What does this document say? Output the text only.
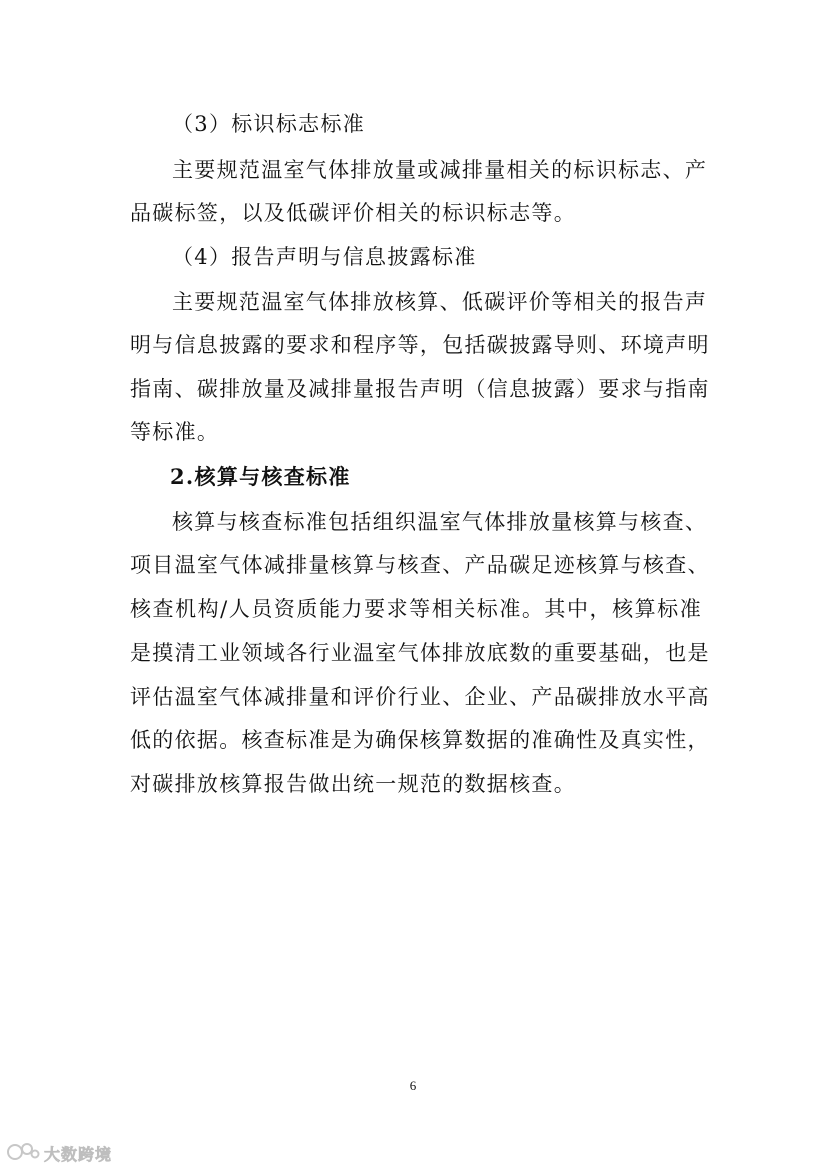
（3）标识标志标准
主要规范温室气体排放量或减排量相关的标识标志、产
品碳标签，以及低碳评价相关的标识标志等。
（4）报告声明与信息披露标准
主要规范温室气体排放核算、低碳评价等相关的报告声
明与信息披露的要求和程序等，包括碳披露导则、环境声明
指南、碳排放量及减排量报告声明（信息披露）要求与指南
等标准。
2.核算与核查标准
核算与核查标准包括组织温室气体排放量核算与核查、
项目温室气体减排量核算与核查、产品碳足迹核算与核查、
核查机构/人员资质能力要求等相关标准。其中，核算标准
是摸清工业领域各行业温室气体排放底数的重要基础，也是
评估温室气体减排量和评价行业、企业、产品碳排放水平高
低的依据。核查标准是为确保核算数据的准确性及真实性，
对碳排放核算报告做出统一规范的数据核查。
6
大数跨境
